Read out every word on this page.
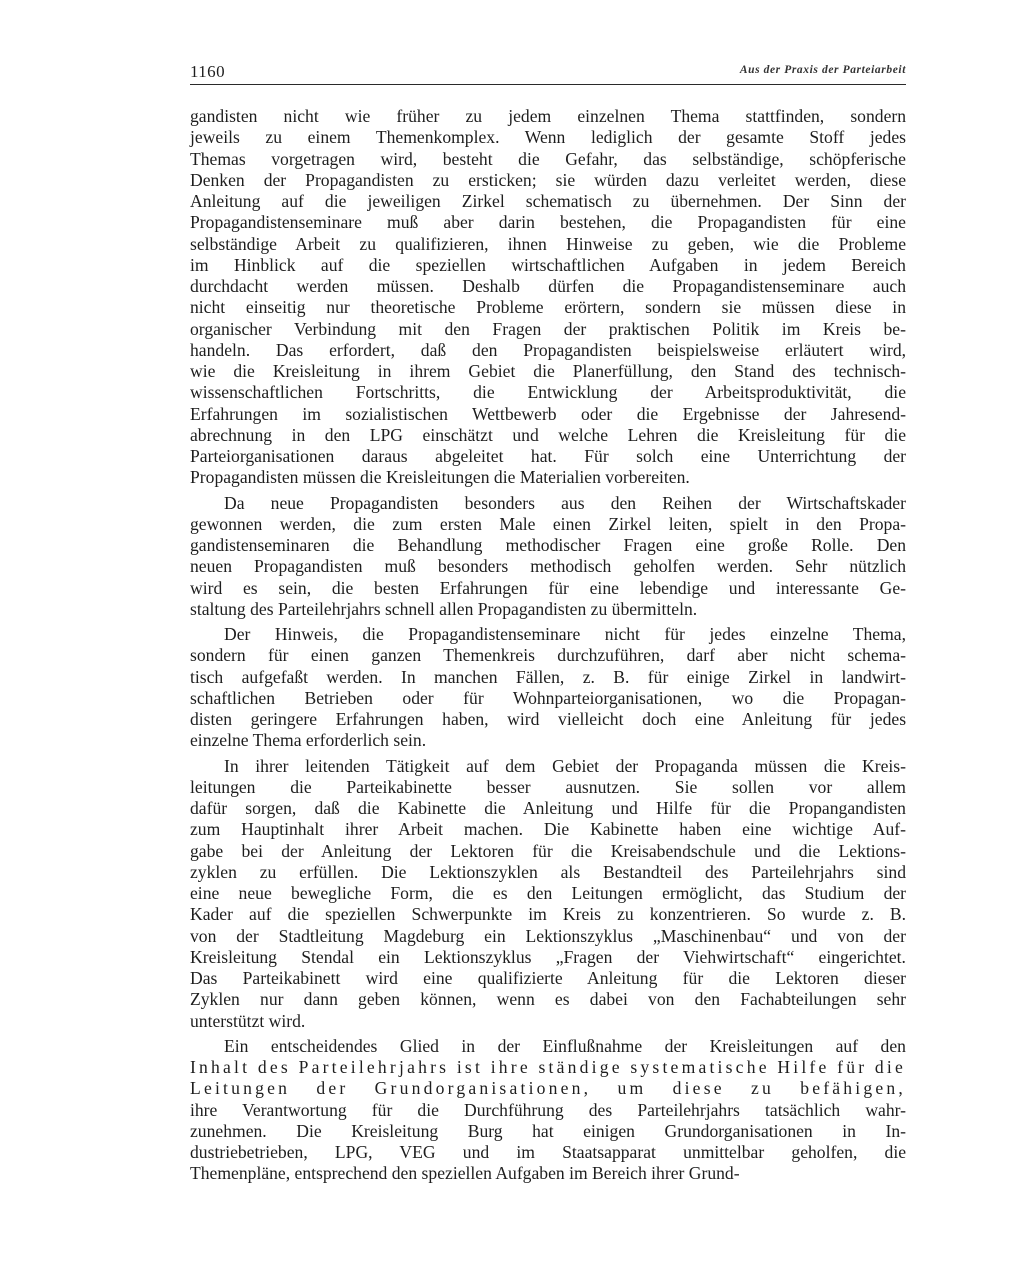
1160	Aus der Praxis der Parteiarbeit

gandisten nicht wie früher zu jedem einzelnen Thema stattfinden, sondern
jeweils zu einem Themenkomplex. Wenn lediglich der gesamte Stoff jedes
Themas vorgetragen wird, besteht die Gefahr, das selbständige, schöpferische
Denken der Propagandisten zu ersticken; sie würden dazu verleitet werden, diese
Anleitung auf die jeweiligen Zirkel schematisch zu übernehmen. Der Sinn der
Propagandistenseminare muß aber darin bestehen, die Propagandisten für eine
selbständige Arbeit zu qualifizieren, ihnen Hinweise zu geben, wie die Probleme
im Hinblick auf die speziellen wirtschaftlichen Aufgaben in jedem Bereich
durchdacht werden müssen. Deshalb dürfen die Propagandistenseminare auch
nicht einseitig nur theoretische Probleme erörtern, sondern sie müssen diese in
organischer Verbindung mit den Fragen der praktischen Politik im Kreis be-
handeln. Das erfordert, daß den Propagandisten beispielsweise erläutert wird,
wie die Kreisleitung in ihrem Gebiet die Planerfüllung, den Stand des technisch-
wissenschaftlichen Fortschritts, die Entwicklung der Arbeitsproduktivität, die
Erfahrungen im sozialistischen Wettbewerb oder die Ergebnisse der Jahresend-
abrechnung in den LPG einschätzt und welche Lehren die Kreisleitung für die
Parteiorganisationen daraus abgeleitet hat. Für solch eine Unterrichtung der
Propagandisten müssen die Kreisleitungen die Materialien vorbereiten.

Da neue Propagandisten besonders aus den Reihen der Wirtschaftskader
gewonnen werden, die zum ersten Male einen Zirkel leiten, spielt in den Propa-
gandistenseminaren die Behandlung methodischer Fragen eine große Rolle. Den
neuen Propagandisten muß besonders methodisch geholfen werden. Sehr nützlich
wird es sein, die besten Erfahrungen für eine lebendige und interessante Ge-
staltung des Parteilehrjahrs schnell allen Propagandisten zu übermitteln.

Der Hinweis, die Propagandistenseminare nicht für jedes einzelne Thema,
sondern für einen ganzen Themenkreis durchzuführen, darf aber nicht schema-
tisch aufgefaßt werden. In manchen Fällen, z. B. für einige Zirkel in landwirt-
schaftlichen Betrieben oder für Wohnparteiorganisationen, wo die Propagan-
disten geringere Erfahrungen haben, wird vielleicht doch eine Anleitung für jedes
einzelne Thema erforderlich sein.

In ihrer leitenden Tätigkeit auf dem Gebiet der Propaganda müssen die Kreis-
leitungen die Parteikabinette besser ausnutzen. Sie sollen vor allem
dafür sorgen, daß die Kabinette die Anleitung und Hilfe für die Propangandisten
zum Hauptinhalt ihrer Arbeit machen. Die Kabinette haben eine wichtige Auf-
gabe bei der Anleitung der Lektoren für die Kreisabendschule und die Lektions-
zyklen zu erfüllen. Die Lektionszyklen als Bestandteil des Parteilehrjahrs sind
eine neue bewegliche Form, die es den Leitungen ermöglicht, das Studium der
Kader auf die speziellen Schwerpunkte im Kreis zu konzentrieren. So wurde z. B.
von der Stadtleitung Magdeburg ein Lektionszyklus „Maschinenbau“ und von der
Kreisleitung Stendal ein Lektionszyklus „Fragen der Viehwirtschaft“ eingerichtet.
Das Parteikabinett wird eine qualifizierte Anleitung für die Lektoren dieser
Zyklen nur dann geben können, wenn es dabei von den Fachabteilungen sehr
unterstützt wird.

Ein entscheidendes Glied in der Einflußnahme der Kreisleitungen auf den
Inhalt des Parteilehrjahrs ist ihre ständige systematische Hilfe für die
Leitungen der Grundorganisationen, um diese zu befähigen,
ihre Verantwortung für die Durchführung des Parteilehrjahrs tatsächlich wahr-
zunehmen. Die Kreisleitung Burg hat einigen Grundorganisationen in In-
dustriebetrieben, LPG, VEG und im Staatsapparat unmittelbar geholfen, die
Themenpläne, entsprechend den speziellen Aufgaben im Bereich ihrer Grund-
